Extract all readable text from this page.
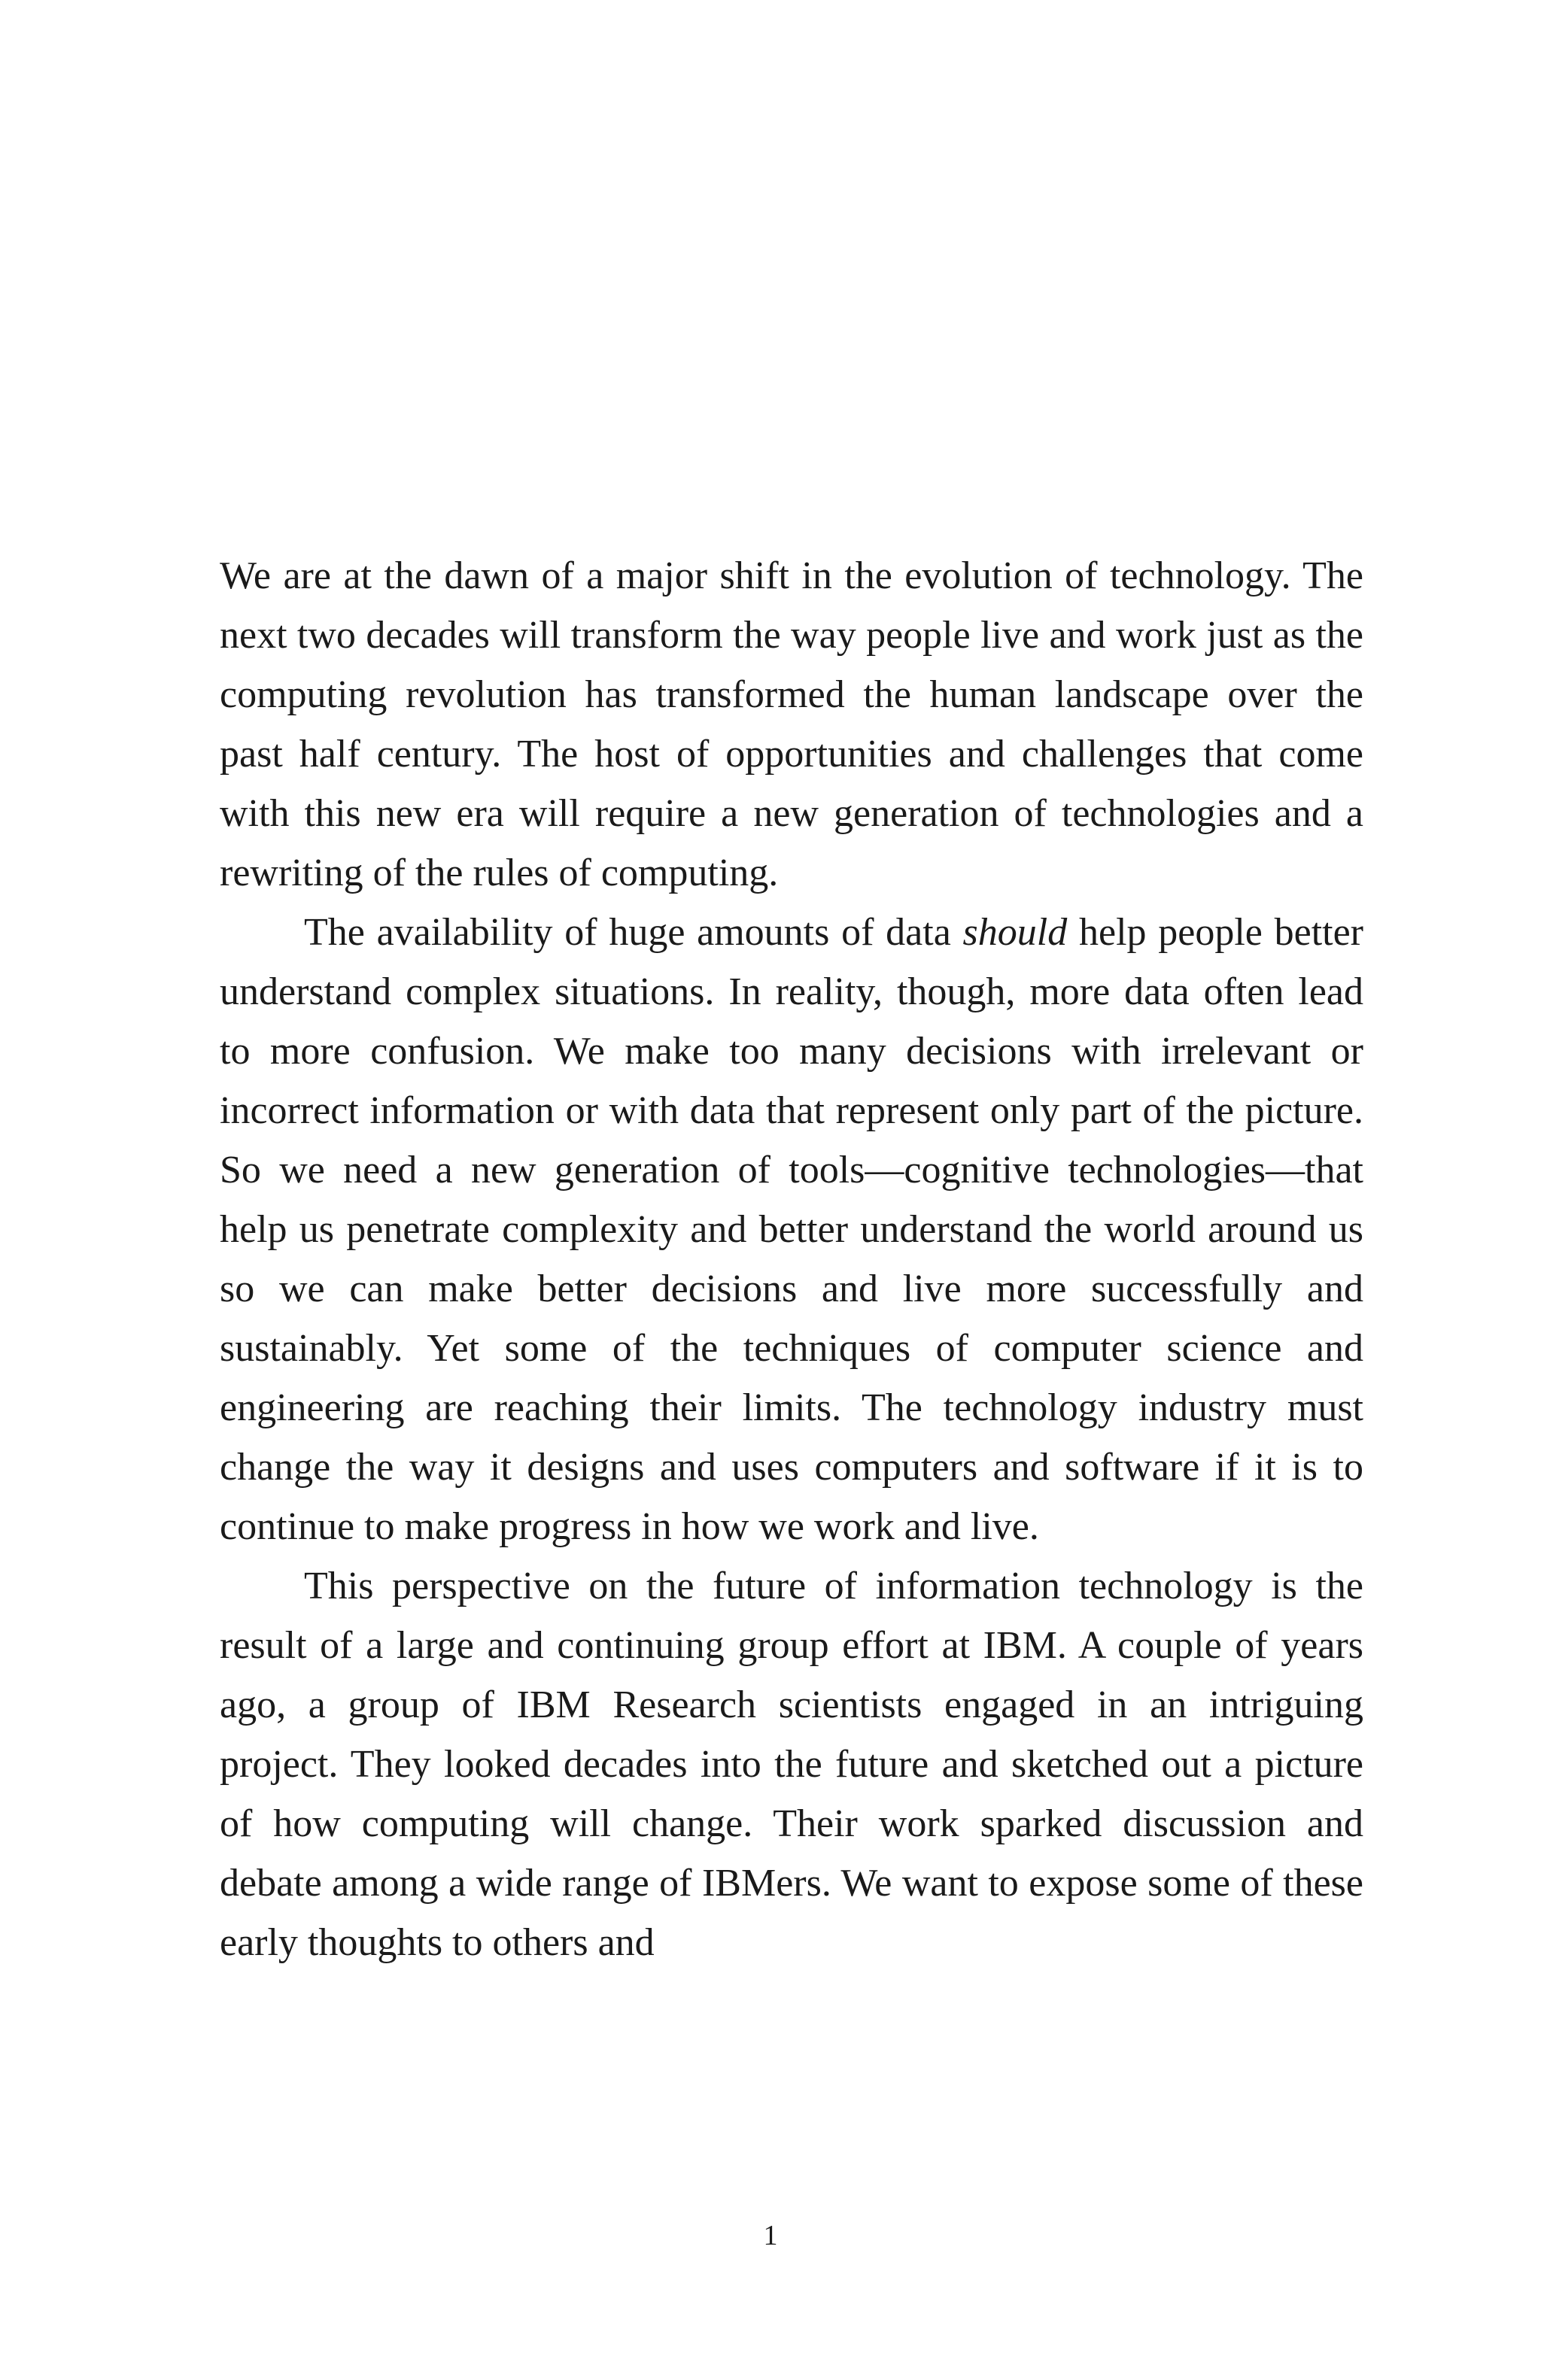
We are at the dawn of a major shift in the evolution of technology. The next two decades will transform the way people live and work just as the computing revolution has transformed the human landscape over the past half century. The host of opportunities and challenges that come with this new era will require a new generation of technologies and a rewriting of the rules of computing.

The availability of huge amounts of data should help people better understand complex situations. In reality, though, more data often lead to more confusion. We make too many decisions with irrelevant or incorrect information or with data that represent only part of the picture. So we need a new generation of tools—cognitive technologies—that help us penetrate complexity and better understand the world around us so we can make better decisions and live more successfully and sustainably. Yet some of the techniques of computer science and engineering are reaching their limits. The technology industry must change the way it designs and uses computers and software if it is to continue to make progress in how we work and live.

This perspective on the future of information technology is the result of a large and continuing group effort at IBM. A couple of years ago, a group of IBM Research scientists engaged in an intriguing project. They looked decades into the future and sketched out a picture of how computing will change. Their work sparked discussion and debate among a wide range of IBMers. We want to expose some of these early thoughts to others and

1
